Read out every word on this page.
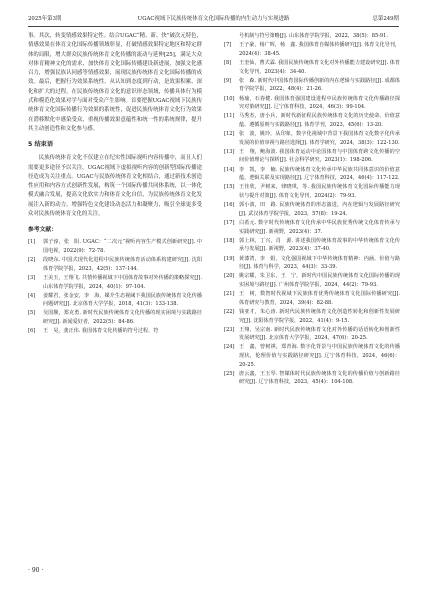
2025年第3期	UGAC视域下民族传统体育文化国际传播的内生动力与实现进路	总第249期

事。其次，转变情感效果特定性。结合UGAC“精、新、快”破次元特色，情感效果在体育文化国际传播领域彰显，打破情感效果特定地区和特定群体的局限，增大群众民族传统体育文化传播的流动与延伸[25]，满足大众对体育精神文化的需求，加快体育文化国际传播建设新进展，加强文化感召力，增强民族认同感等情感效果，展现民族传统体育文化国际传播的成效。最后，把握行为效果系统性。从认知到态度到行动，是效果积累、深化和扩大的过程，在民族传统体育文化的意识形态领域，传播具体行为模式和模范化效果对学与面对受众产生影响。首要把握UGAC视域下民族传统体育文化国际传播行为效果的系统性，促进民族传统体育文化行为效果在潜移默化中感染受众，重视传播效果意蕴性和统一性的系统规律，提升其主动创造性和文化参与感。

5 结束语

民族传统体育文化不仅建立在纪实性国际视听内容传播中，而且人们需要更多途径予以关注，UGAC视域下虚拟视听内容的创新型国际传播途径造成为关注重点。UGAC与民族传统体育文化相结合，通过新技术创造性应用和内容方式创新性发展，构筑一个国际传播共同体系统，以一体化模式融合发展，提高文化软实力和体育文化自信，为民族传统体育文化发展注入新的动力，增强特色文化建设动态活力和凝聚力，吸引全球更多受众对民族传统体育文化的关注。

参考文献：
[1]	郭子淳，张　阳. UGAC：“二次元”视听内容生产模式创新研究[J]. 中国电视，2022(9)：72-78.
[2]	段晓东. 中国式现代化进程中民族传统体育活动体系构建研究[J]. 沈阳体育学院学报，2023，42(5)：137-144.
[3]	王美玉，王翔飞. 共情传播视域下中国体育故事对外传播的策略探究[J]. 山东体育学院学报，2024，40(1)：97-104.
[4]	姜耀君，张金安，李　海，媒介生态视阈下我国民族传统体育文化传播问题研究[J]. 北京体育大学学报，2018，41(3)：133-138.
[5]	吴国顺，郑克勇. 新时代民族传统体育文化传播的现实困境与实践路径研究[J]. 新闻爱好者，2022(5)：84-86.
[6]	王　昊，龚正伟. 我国体育文化传播的符号过程，符
号机制与符号策略[J]. 山东体育学院学报，2022，38(5)：85-91.
[7]	王子豪，杨广辉，杨　鑫. 我国体育自媒体传播研究[J]. 体育文化导刊，2024(4)：38-45.
[8]	王奎仙，曹式霖. 我国民族传统体育文化对外传播能力建设研究[J]. 体育文化导刊，2023(4)：34-40.
[9]	张　森. 新时代中国体育国际传播创新的内在逻辑与实践路径[J]. 成都体育学院学报，2022，48(4)：21-26.
[10] 杨瑜，石春健. 我国体育强国建设进程中民族传统体育文化传播路径探究对策研究[J]. 辽宁体育科技，2024，46(3)：99-104.
[11] 马秀杰，唐小兵，新时代新征程民族传统体育文化的历史使命、价值意蕴、遵循原则与实践路径[J]. 体育学刊，2023，45(6)：13-20.
[12] 张　波，姚玲，从印象，数字化视域中背景下我国体育文化数字化传承发展的价值审视与路径选择[J]. 体育学研究，2024，38(3)：122-130.
[13] 王　翔，鲍海波. 我国体育运动中论国体育与中国体育跨文化传播的空间价值理论与探析[J]. 社会科学研究，2023(1)：198-206.
[14] 李　凯，李　楠. 民族传统体育文化传承中华民族共同体意识的价值意蕴，逻辑关联及实现路径[J]. 辽宁体育科技，2024，46(4)：117-122.
[15] 王佳欣，尹树来，律晓琪，等. 我国民族传统体育文化国际传播能力现状与提升对策[J]. 体育文化导刊，2024(2)：79-93.
[16] 郭小波，田　路. 民族传统体育的形态演进，内在逻辑与发展路径研究[J]. 武汉体育学院学报，2023，57(8)：19-24.
[17] 白希元. 数字时代传统体育文化传承中华民族优秀传统文化体育传承与实践研究[J]. 新视野，2023(4)：37.
[18] 郭上林，丁兴，肖　源. 讲述我国传统体育故事的中华传统体育文化传承与发展[J]. 新视野，2023(4)：37-40.
[19] 黄漆湾，李　娟，文化强国视域下中华传统体育精神：内涵，价值与路径[J]. 体育与科学，2023，44(3)：33-39.
[20] 姚宗耀，朱卫东，王　宁，新时代中国民族传统体育文化国际传播的现实困境与路径[J]. 广州体育学院学报，2024，44(2)：79-93.
[21] 王　树，数智时代视域下民族体育优秀传统体育文化国际传播研究[J]. 体育研究与教育，2024，39(4)：82-88.
[22] 钱亚才，朱心涛. 新时代民族传统体育文化创造性转化和创新性发展研究[J]. 沈阳体育学院学报，2022，41(4)：9-15.
[23] 王翔，吴宗南. 新时代民族传统体育文化对外传播的话语转化和创新性发展研究[J]. 北京体育大学学报，2024，47(6)：20-25.
[24] 王　鑫，曾树祺，郑青海. 数字化背景与中国民族传统体育文化的传播现状，伦理价值与实践路径研究[J]. 辽宁体育科技，2024，46(6)：20-25.
[25] 唐云鑫，王玉琴. 智媒体时代民族传统体育文化的传播价值与创新路径研究[J]. 辽宁体育科技，2023，45(4)：104-108.
· 90 ·
